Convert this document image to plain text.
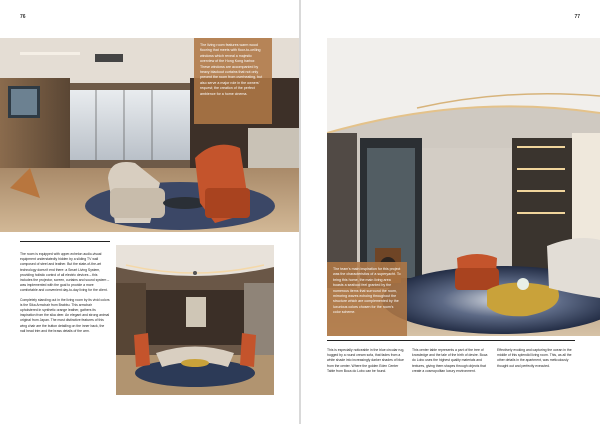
76
The living room features warm wood flooring that meets with floor-to-ceiling windows which reveal a majestic overview of the Hong Kong harbor. These windows are accompanied by heavy blackout curtains that not only prevent the room from overheating, but also serve a major role in the owners' request; the creation of the perfect ambience for a home cinema.

The room is equipped with upper-echelon audio-visual equipment understatedly hidden by a sliding TV wall composed of steel and leather. But the state-of-the-art technology doesn't end there: a Smart Living System, providing holistic control of all electric devices – this includes the projector, screen, curtains and sound system – was implemented with the goal to provide a more comfortable and convenient day-to-day living for the client.

Completely standing out in the living room by its vivid colors is the Sika Armchair from Brabbu. This armchair upholstered in synthetic orange leather, gathers its inspiration from the sika deer. An elegant and strong animal original from Japan. The most distinctive features of this wing chair are the button detailing on the inner back, the nail head trim and the brass details of the arm.

77
The team's main inspiration for this project was the characteristics of a superyacht. To bring this home, the main living area boasts a seafood feel granted by the numerous items that surround the room, mirroring waves echoing throughout the structure which are complemented by the luxurious colors chosen for the room's color scheme.

This is especially noticeable in the blue circular rug, hugged by a round cream sofa, that fades from a white shade into increasingly darker shades of blue from the center. Where the golden Eden Center Table from Boca do Lobo can be found.

This center table represents a part of the tree of knowledge and the tale of the birth of desire. Boca do Lobo uses the highest quality materials and textures, giving them shapes through objects that create a cosmopolitan luxury environment.

Effectively evoking and capturing the ocean in the middle of this splendid living room. This, as all the other details in the apartment, was meticulously thought out and perfectly executed.
